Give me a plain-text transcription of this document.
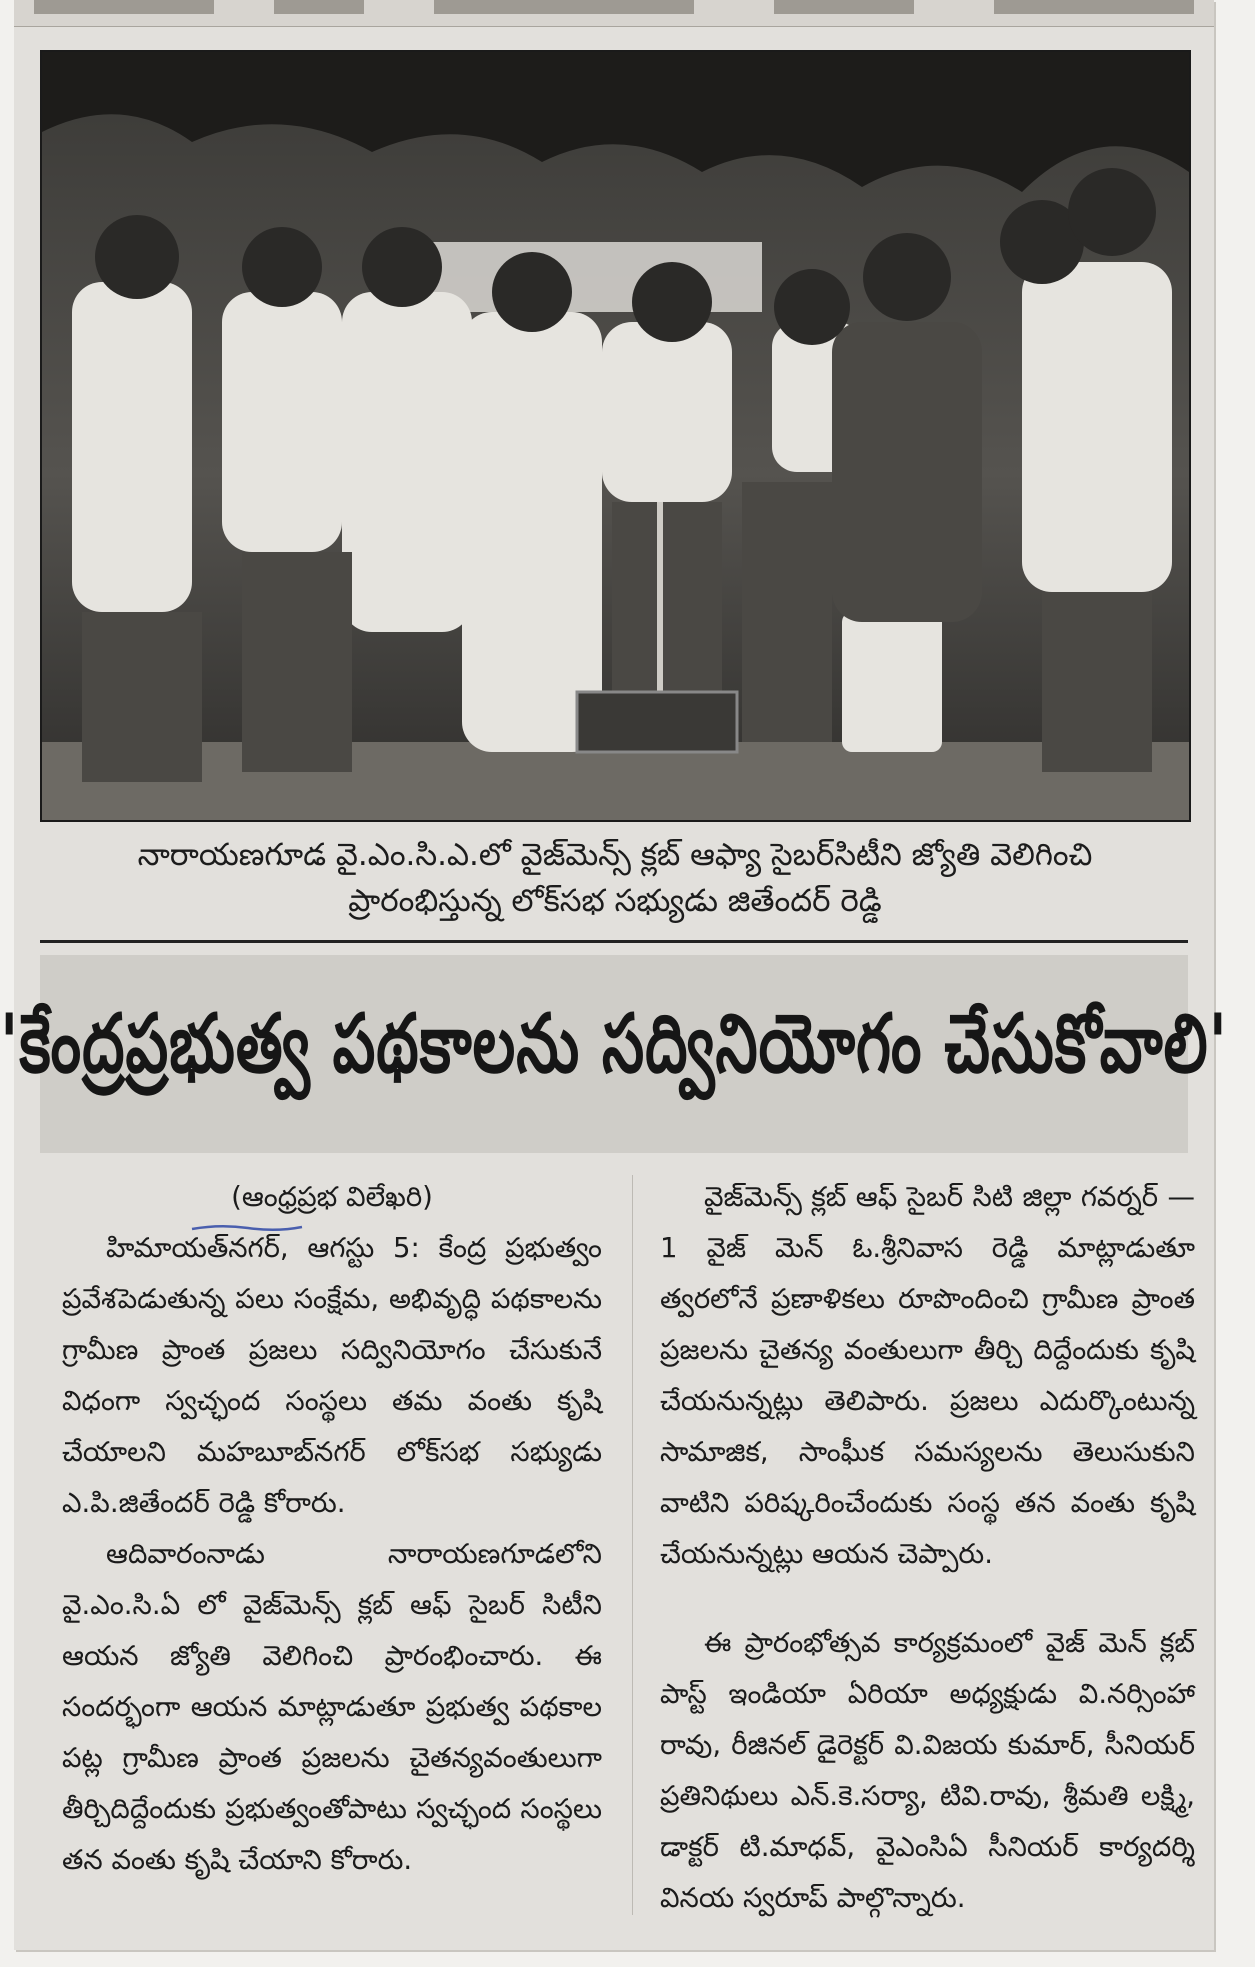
నారాయణగూడ వై.ఎం.సి.ఎ.లో వైజ్‌మెన్స్ క్లబ్ ఆఫ్యా సైబర్‌సిటీని జ్యోతి వెలిగించి
ప్రారంభిస్తున్న లోక్‌సభ సభ్యుడు జితేందర్ రెడ్డి
'కేంద్రప్రభుత్వ పథకాలను సద్వినియోగం చేసుకోవాలి'

(ఆంధ్రప్రభ విలేఖరి)

హిమాయత్‌నగర్, ఆగస్టు 5: కేంద్ర ప్రభుత్వం ప్రవేశపెడుతున్న పలు సంక్షేమ, అభివృద్ధి పథకాలను గ్రామీణ ప్రాంత ప్రజలు సద్వినియోగం చేసుకునే విధంగా స్వచ్ఛంద సంస్థలు తమ వంతు కృషి చేయాలని మహబూబ్‌నగర్ లోక్‌సభ సభ్యుడు ఎ.పి.జితేందర్ రెడ్డి కోరారు.

ఆదివారంనాడు నారాయణగూడలోని వై.ఎం.సి.ఏ లో వైజ్‌మెన్స్ క్లబ్ ఆఫ్ సైబర్ సిటీని ఆయన జ్యోతి వెలిగించి ప్రారంభించారు. ఈ సందర్భంగా ఆయన మాట్లాడుతూ ప్రభుత్వ పథకాల పట్ల గ్రామీణ ప్రాంత ప్రజలను చైతన్యవంతులుగా తీర్చిదిద్దేందుకు ప్రభుత్వంతోపాటు స్వచ్ఛంద సంస్థలు తన వంతు కృషి చేయాని కోరారు.

వైజ్‌మెన్స్ క్లబ్ ఆఫ్ సైబర్ సిటి జిల్లా గవర్నర్ —1 వైజ్ మెన్ ఓ.శ్రీనివాస రెడ్డి మాట్లాడుతూ త్వరలోనే ప్రణాళికలు రూపొందించి గ్రామీణ ప్రాంత ప్రజలను చైతన్య వంతులుగా తీర్చి దిద్దేందుకు కృషి చేయనున్నట్లు తెలిపారు. ప్రజలు ఎదుర్కొంటున్న సామాజిక, సాంఘీక సమస్యలను తెలుసుకుని వాటిని పరిష్కరించేందుకు సంస్థ తన వంతు కృషి చేయనున్నట్లు ఆయన చెప్పారు.

ఈ ప్రారంభోత్సవ కార్యక్రమంలో వైజ్ మెన్ క్లబ్ పాస్ట్ ఇండియా ఏరియా అధ్యక్షుడు వి.నర్సింహా రావు, రీజినల్ డైరెక్టర్ వి.విజయ కుమార్, సీనియర్ ప్రతినిథులు ఎన్.కె.సర్యా, టివి.రావు, శ్రీమతి లక్ష్మి, డాక్టర్ టి.మాధవ్, వైఎంసిఏ సీనియర్ కార్యదర్శి వినయ స్వరూప్ పాల్గొన్నారు.
